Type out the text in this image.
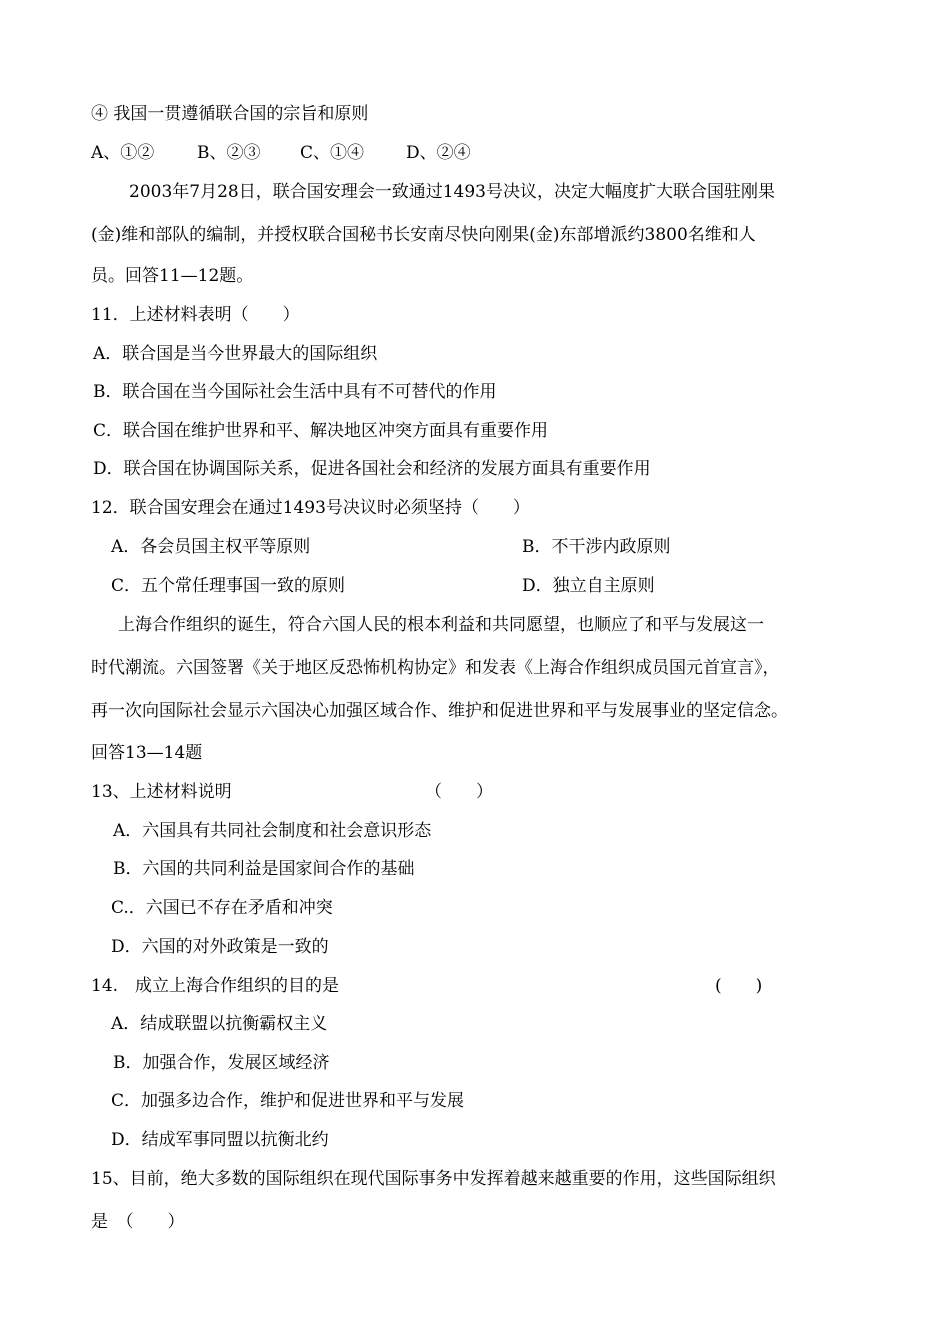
④ 我国一贯遵循联合国的宗旨和原则
A、①②	B、②③ C、①④ D、②④
2003年7月28日，联合国安理会一致通过1493号决议，决定大幅度扩大联合国驻刚果
(金)维和部队的编制，并授权联合国秘书长安南尽快向刚果(金)东部增派约3800名维和人
员。回答11—12题。
11．上述材料表明（　　）
A．联合国是当今世界最大的国际组织
B．联合国在当今国际社会生活中具有不可替代的作用
C．联合国在维护世界和平、解决地区冲突方面具有重要作用
D．联合国在协调国际关系，促进各国社会和经济的发展方面具有重要作用
12．联合国安理会在通过1493号决议时必须坚持（　　）
A．各会员国主权平等原则	B．不干涉内政原则
C．五个常任理事国一致的原则	D．独立自主原则
上海合作组织的诞生，符合六国人民的根本利益和共同愿望，也顺应了和平与发展这一
时代潮流。六国签署《关于地区反恐怖机构协定》和发表《上海合作组织成员国元首宣言》，
再一次向国际社会显示六国决心加强区域合作、维护和促进世界和平与发展事业的坚定信念。
回答13—14题
13、上述材料说明	（　　）
A．六国具有共同社会制度和社会意识形态
B．六国的共同利益是国家间合作的基础
C.．六国已不存在矛盾和冲突
D．六国的对外政策是一致的
14.　成立上海合作组织的目的是	(　　)
A．结成联盟以抗衡霸权主义
B．加强合作，发展区域经济
C．加强多边合作，维护和促进世界和平与发展
D．结成军事同盟以抗衡北约
15、目前，绝大多数的国际组织在现代国际事务中发挥着越来越重要的作用，这些国际组织
是　（　　）
